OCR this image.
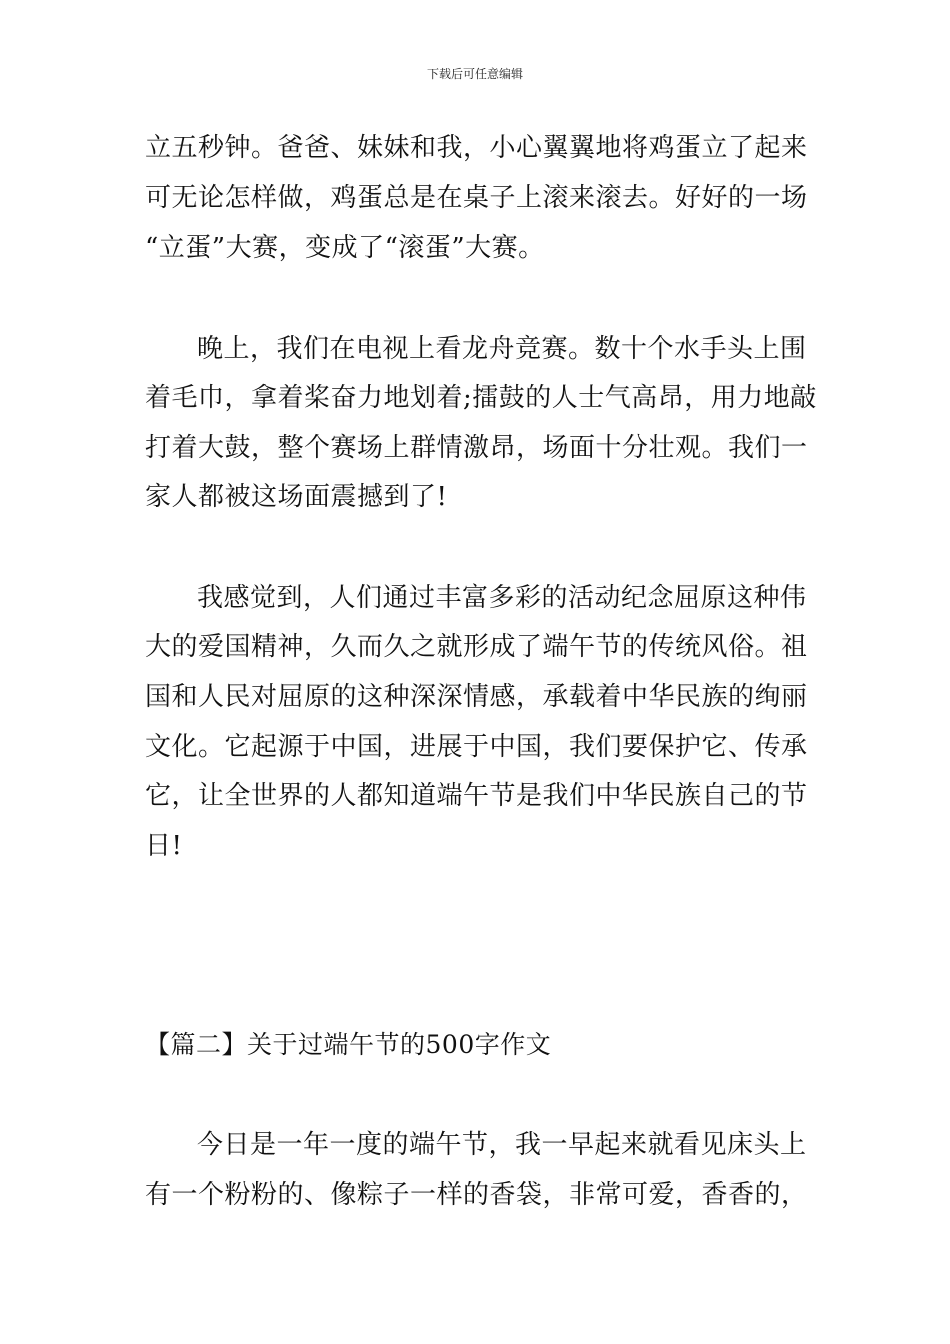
下载后可任意编辑
立五秒钟。爸爸、妹妹和我，小心翼翼地将鸡蛋立了起来
可无论怎样做，鸡蛋总是在桌子上滚来滚去。好好的一场
“立蛋”大赛，变成了“滚蛋”大赛。
晚上，我们在电视上看龙舟竞赛。数十个水手头上围
着毛巾，拿着桨奋力地划着;擂鼓的人士气高昂，用力地敲
打着大鼓，整个赛场上群情激昂，场面十分壮观。我们一
家人都被这场面震撼到了!
我感觉到，人们通过丰富多彩的活动纪念屈原这种伟
大的爱国精神，久而久之就形成了端午节的传统风俗。祖
国和人民对屈原的这种深深情感，承载着中华民族的绚丽
文化。它起源于中国，进展于中国，我们要保护它、传承
它，让全世界的人都知道端午节是我们中华民族自己的节
日!
【篇二】关于过端午节的500字作文
今日是一年一度的端午节，我一早起来就看见床头上
有一个粉粉的、像粽子一样的香袋，非常可爱，香香的，
